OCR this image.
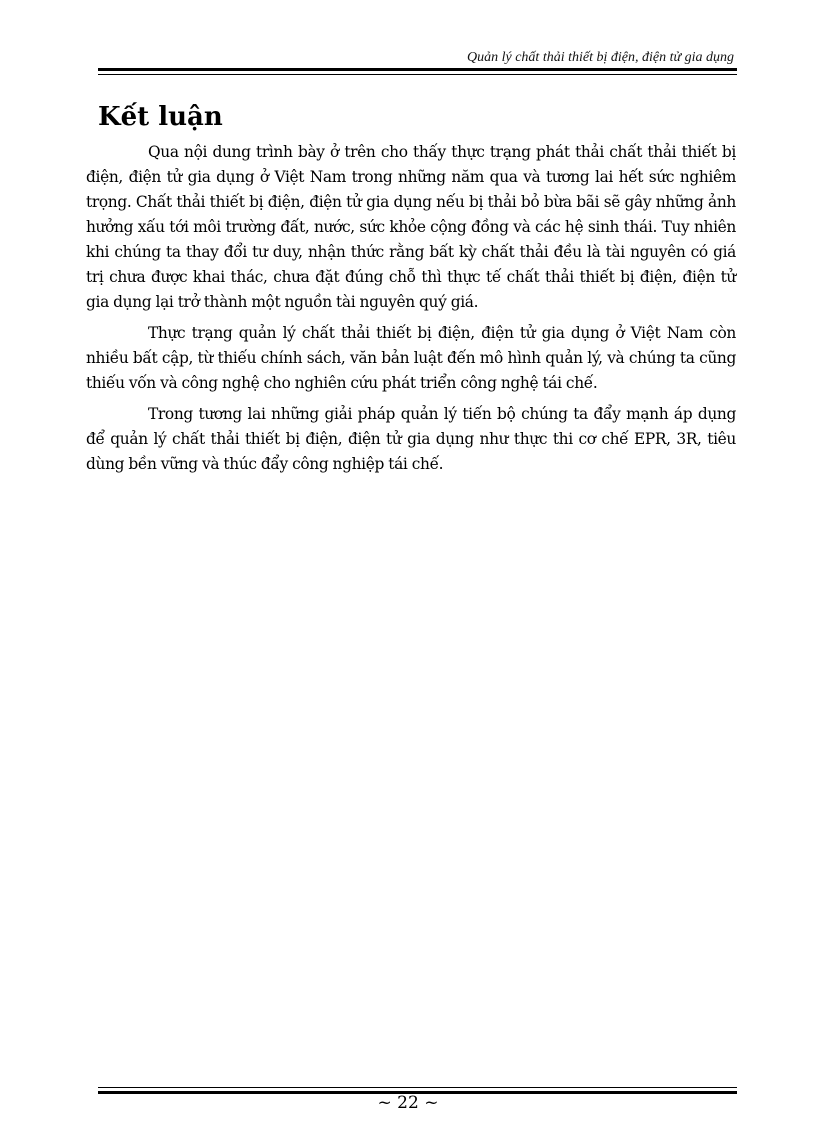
Quản lý chất thải thiết bị điện, điện tử gia dụng
Kết luận

Qua nội dung trình bày ở trên cho thấy thực trạng phát thải chất thải thiết bị điện, điện tử gia dụng ở Việt Nam trong những năm qua và tương lai hết sức nghiêm trọng. Chất thải thiết bị điện, điện tử gia dụng nếu bị thải bỏ bừa bãi sẽ gây những ảnh hưởng xấu tới môi trường đất, nước, sức khỏe cộng đồng và các hệ sinh thái. Tuy nhiên khi chúng ta thay đổi tư duy, nhận thức rằng bất kỳ chất thải đều là tài nguyên có giá trị chưa được khai thác, chưa đặt đúng chỗ thì thực tế chất thải thiết bị điện, điện tử gia dụng lại trở thành một nguồn tài nguyên quý giá.

Thực trạng quản lý chất thải thiết bị điện, điện tử gia dụng ở Việt Nam còn nhiều bất cập, từ thiếu chính sách, văn bản luật đến mô hình quản lý, và chúng ta cũng thiếu vốn và công nghệ cho nghiên cứu phát triển công nghệ tái chế.

Trong tương lai những giải pháp quản lý tiến bộ chúng ta đẩy mạnh áp dụng để quản lý chất thải thiết bị điện, điện tử gia dụng như thực thi cơ chế EPR, 3R, tiêu dùng bền vững và thúc đẩy công nghiệp tái chế.

~ 22 ~
